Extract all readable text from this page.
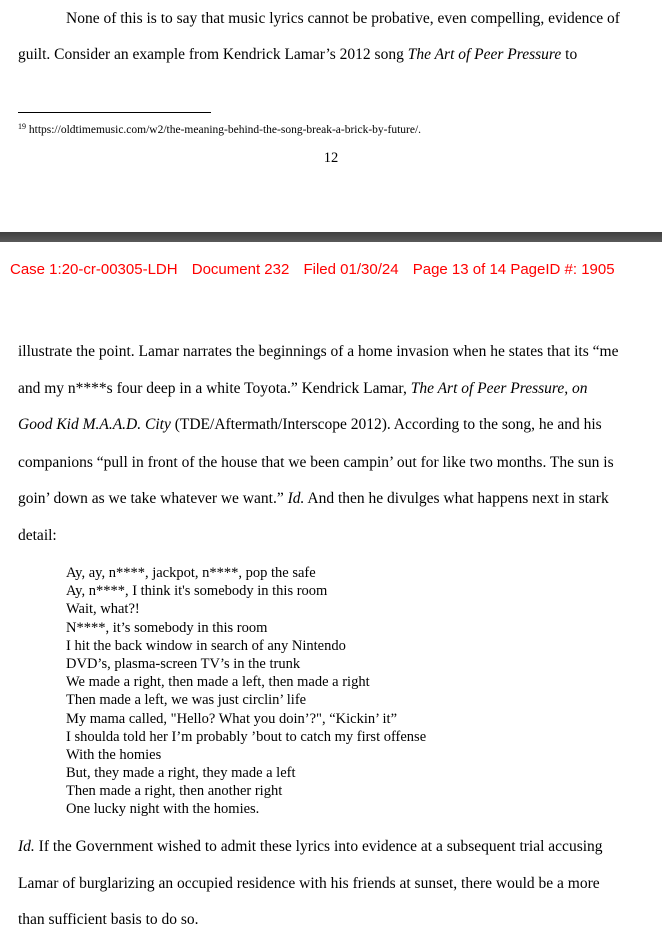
None of this is to say that music lyrics cannot be probative, even compelling, evidence of
guilt. Consider an example from Kendrick Lamar’s 2012 song The Art of Peer Pressure to
$^{19}$ https://oldtimemusic.com/w2/the-meaning-behind-the-song-break-a-brick-by-future/.
12
Case 1:20-cr-00305-LDH Document 232 Filed 01/30/24 Page 13 of 14 PageID #: 1905
illustrate the point. Lamar narrates the beginnings of a home invasion when he states that its “me
and my n****s four deep in a white Toyota.” Kendrick Lamar, The Art of Peer Pressure, on
Good Kid M.A.A.D. City (TDE/Aftermath/Interscope 2012). According to the song, he and his
companions “pull in front of the house that we been campin’ out for like two months. The sun is
goin’ down as we take whatever we want.” Id. And then he divulges what happens next in stark
detail:
Ay, ay, n****, jackpot, n****, pop the safe
Ay, n****, I think it's somebody in this room
Wait, what?!
N****, it’s somebody in this room
I hit the back window in search of any Nintendo
DVD’s, plasma-screen TV’s in the trunk
We made a right, then made a left, then made a right
Then made a left, we was just circlin’ life
My mama called, "Hello? What you doin’?", “Kickin’ it”
I shoulda told her I’m probably ’bout to catch my first offense
With the homies
But, they made a right, they made a left
Then made a right, then another right
One lucky night with the homies.
Id. If the Government wished to admit these lyrics into evidence at a subsequent trial accusing
Lamar of burglarizing an occupied residence with his friends at sunset, there would be a more
than sufficient basis to do so.
